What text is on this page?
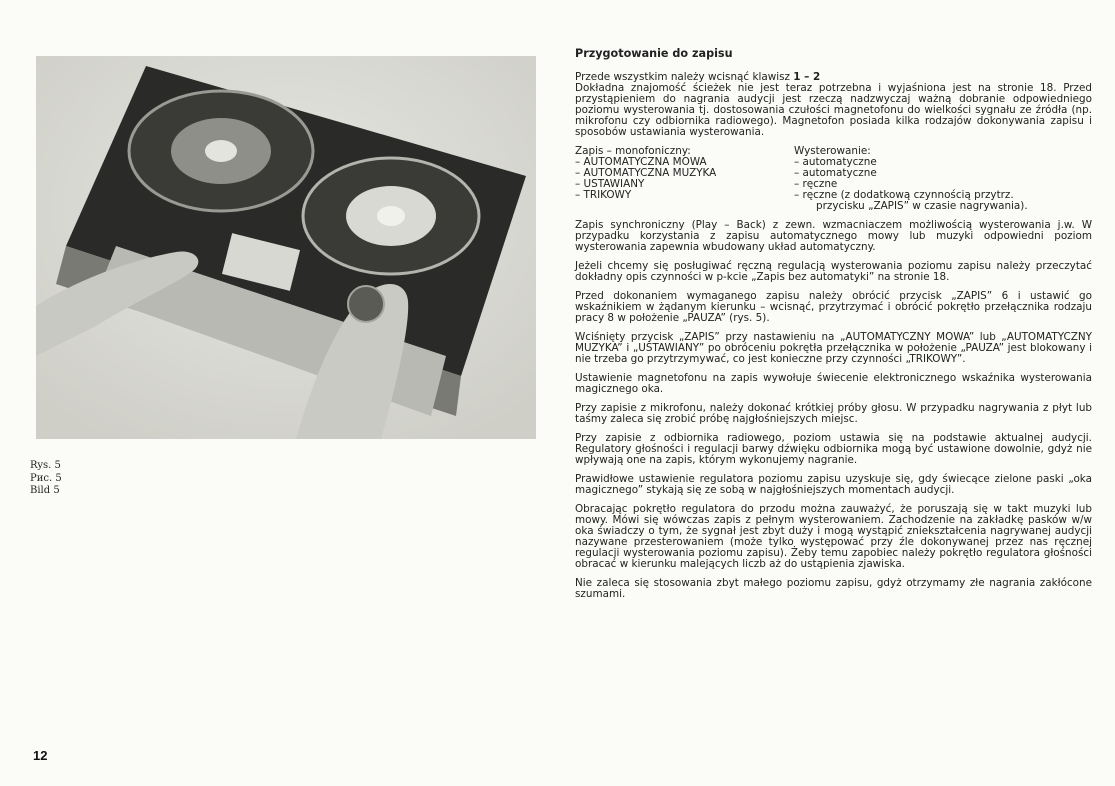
Rys. 5
Рис. 5
Bild 5
12
Przygotowanie do zapisu
Przede wszystkim należy wcisnąć klawisz 1 – 2
Dokładna znajomość ścieżek nie jest teraz potrzebna i wyjaśniona jest na stronie 18. Przed przystąpieniem do nagrania audycji jest rzeczą nadzwyczaj ważną dobranie odpowiedniego poziomu wysterowania tj. dostosowania czułości magnetofonu do wielkości sygnału ze źródła (np. mikrofonu czy odbiornika radiowego). Magnetofon posiada kilka rodzajów dokonywania zapisu i sposobów ustawiania wysterowania.
Zapis – monofoniczny:
– AUTOMATYCZNA MOWA
– AUTOMATYCZNA MUZYKA
– USTAWIANY
– TRIKOWY
Wysterowanie:
– automatyczne
– automatyczne
– ręczne
– ręczne (z dodatkową czynnością przytrz.
przycisku „ZAPIS” w czasie nagrywania).
Zapis synchroniczny (Play – Back) z zewn. wzmacniaczem możliwością wysterowania j.w. W przypadku korzystania z zapisu automatycznego mowy lub muzyki odpowiedni poziom wysterowania zapewnia wbudowany układ automatyczny.
Jeżeli chcemy się posługiwać ręczną regulacją wysterowania poziomu zapisu należy przeczytać dokładny opis czynności w p-kcie „Zapis bez automatyki” na stronie 18.
Przed dokonaniem wymaganego zapisu należy obrócić przycisk „ZAPIS” 6 i ustawić go wskaźnikiem w żądanym kierunku – wcisnąć, przytrzymać i obrócić pokrętło przełącznika rodzaju pracy 8 w położenie „PAUZA” (rys. 5).
Wciśnięty przycisk „ZAPIS” przy nastawieniu na „AUTOMATYCZNY MOWA” lub „AUTOMATYCZNY MUZYKA” i „USTAWIANY” po obróceniu pokrętła przełącznika w położenie „PAUZA” jest blokowany i nie trzeba go przytrzymywać, co jest konieczne przy czynności „TRIKOWY”.
Ustawienie magnetofonu na zapis wywołuje świecenie elektronicznego wskaźnika wysterowania magicznego oka.
Przy zapisie z mikrofonu, należy dokonać krótkiej próby głosu. W przypadku nagrywania z płyt lub taśmy zaleca się zrobić próbę najgłośniejszych miejsc.
Przy zapisie z odbiornika radiowego, poziom ustawia się na podstawie aktualnej audycji. Regulatory głośności i regulacji barwy dźwięku odbiornika mogą być ustawione dowolnie, gdyż nie wpływają one na zapis, którym wykonujemy nagranie.
Prawidłowe ustawienie regulatora poziomu zapisu uzyskuje się, gdy świecące zielone paski „oka magicznego” stykają się ze sobą w najgłośniejszych momentach audycji.
Obracając pokrętło regulatora do przodu można zauważyć, że poruszają się w takt muzyki lub mowy. Mówi się wówczas zapis z pełnym wysterowaniem. Zachodzenie na zakładkę pasków w/w oka świadczy o tym, że sygnał jest zbyt duży i mogą wystąpić zniekształcenia nagrywanej audycji nazywane przesterowaniem (może tylko występować przy źle dokonywanej przez nas ręcznej regulacji wysterowania poziomu zapisu). Żeby temu zapobiec należy pokrętło regulatora głośności obracać w kierunku malejących liczb aż do ustąpienia zjawiska.
Nie zaleca się stosowania zbyt małego poziomu zapisu, gdyż otrzymamy złe nagrania zakłócone szumami.
